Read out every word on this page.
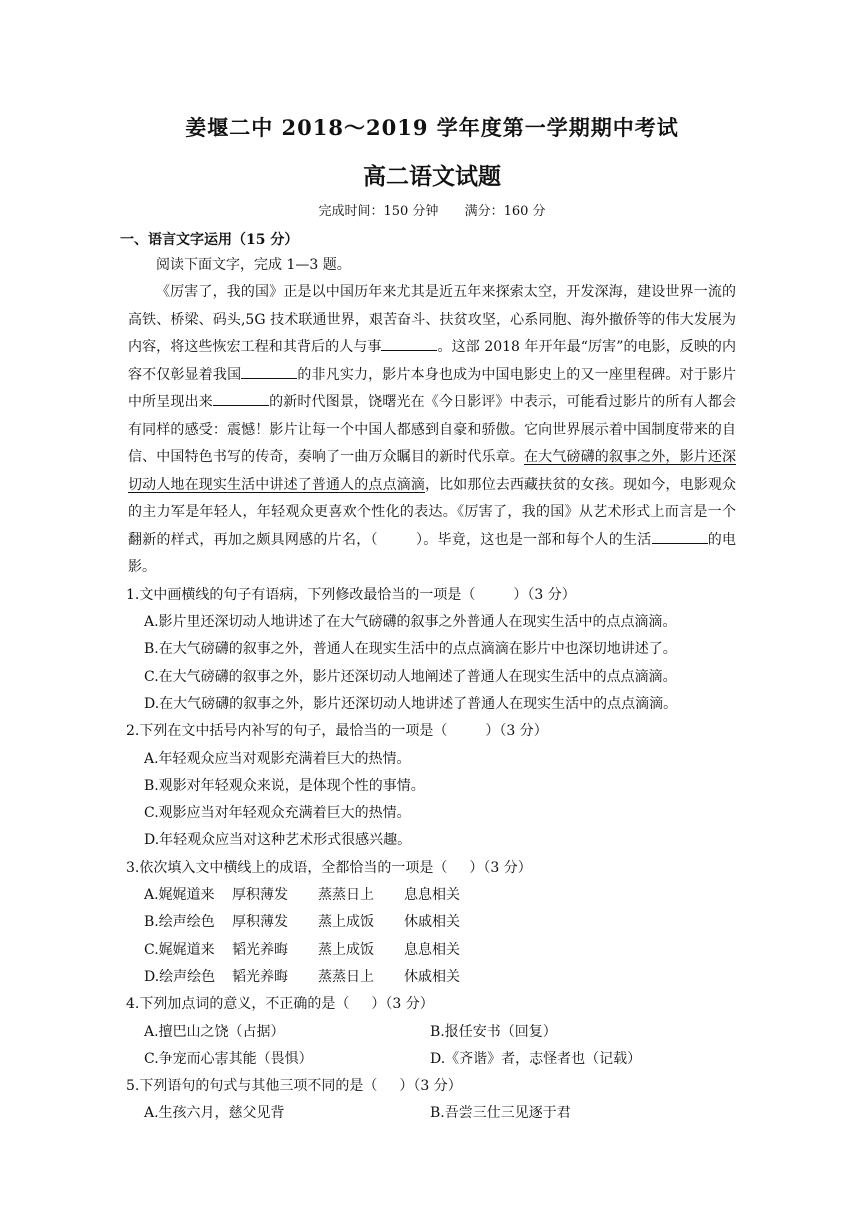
姜堰二中 2018～2019 学年度第一学期期中考试
高二语文试题
完成时间：150 分钟 满分：160 分
一、语言文字运用（15 分）

阅读下面文字，完成 1—3 题。

《厉害了，我的国》正是以中国历年来尤其是近五年来探索太空，开发深海，建设世界一流的高铁、桥梁、码头,5G 技术联通世界，艰苦奋斗、扶贫攻坚，心系同胞、海外撤侨等的伟大发展为内容，将这些恢宏工程和其背后的人与事	。这部 2018 年开年最“厉害”的电影，反映的内容不仅彰显着我国	的非凡实力，影片本身也成为中国电影史上的又一座里程碑。对于影片中所呈现出来	的新时代图景，饶曙光在《今日影评》中表示，可能看过影片的所有人都会有同样的感受：震憾！影片让每一个中国人都感到自豪和骄傲。它向世界展示着中国制度带来的自信、中国特色书写的传奇，奏响了一曲万众瞩目的新时代乐章。在大气磅礴的叙事之外，影片还深切动人地在现实生活中讲述了普通人的点点滴滴，比如那位去西藏扶贫的女孩。现如今，电影观众的主力军是年轻人，年轻观众更喜欢个性化的表达。《厉害了，我的国》从艺术形式上而言是一个翻新的样式，再加之颇具网感的片名，（	）。毕竟，这也是一部和每个人的生活	的电影。

1.文中画横线的句子有语病，下列修改最恰当的一项是（	）（3 分）

A.影片里还深切动人地讲述了在大气磅礴的叙事之外普通人在现实生活中的点点滴滴。

B.在大气磅礴的叙事之外，普通人在现实生活中的点点滴滴在影片中也深切地讲述了。

C.在大气磅礴的叙事之外，影片还深切动人地阐述了普通人在现实生活中的点点滴滴。

D.在大气磅礴的叙事之外，影片还深切动人地讲述了普通人在现实生活中的点点滴滴。

2.下列在文中括号内补写的句子，最恰当的一项是（	）（3 分）

A.年轻观众应当对观影充满着巨大的热情。

B.观影对年轻观众来说，是体现个性的事情。

C.观影应当对年轻观众充满着巨大的热情。

D.年轻观众应当对这种艺术形式很感兴趣。

3.依次填入文中横线上的成语，全都恰当的一项是（ ）（3 分）

A.娓娓道来	厚积薄发	蒸蒸日上	息息相关
B.绘声绘色	厚积薄发	蒸上成饭	休戚相关
C.娓娓道来	韬光养晦	蒸上成饭	息息相关
D.绘声绘色	韬光养晦	蒸蒸日上	休戚相关

4.下列加点词的意义，不正确的是（ ）（3 分）

A.擅巴山之饶（占据）	B.报任安书（回复）
C.争宠而心害其能（畏惧）	D.《齐谐》者，志怪者也（记载）

5.下列语句的句式与其他三项不同的是（ ）（3 分）

A.生孩六月，慈父见背	B.吾尝三仕三见逐于君
